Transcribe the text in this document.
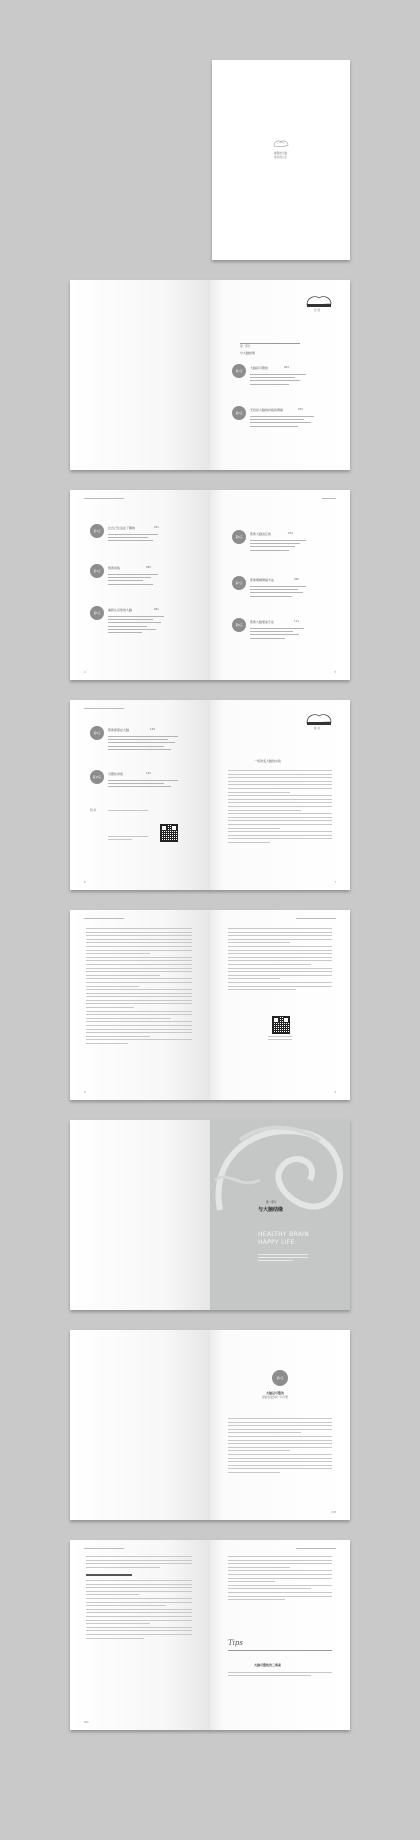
健康的大脑
快乐的人生
目 录
第一部分
与大脑结缘
第1章
大脑是可塑的	003
第2章
无忧是大脑的持续的情绪	015
第3章
让自己生活在了解的	031
第4章
感恩训练	045
第5章
重新认识你的大脑	061
4
第6章
帮助大脑适应的	079
第7章
帮助理解情绪方法	095
第8章
帮助大脑更加专注	111
5
第9章
帮助停留在大脑	129
第10章
可塑性训练	145
附 录
6
前 言
一场改变大脑的实验
7
8	9
第一部分
与大脑结缘
HEALTHY BRAIN
HAPPY LIFE
第1章
大脑是可塑的
别怕改变你的一切习惯
003
004
Tips
大脑可塑性的三要素
